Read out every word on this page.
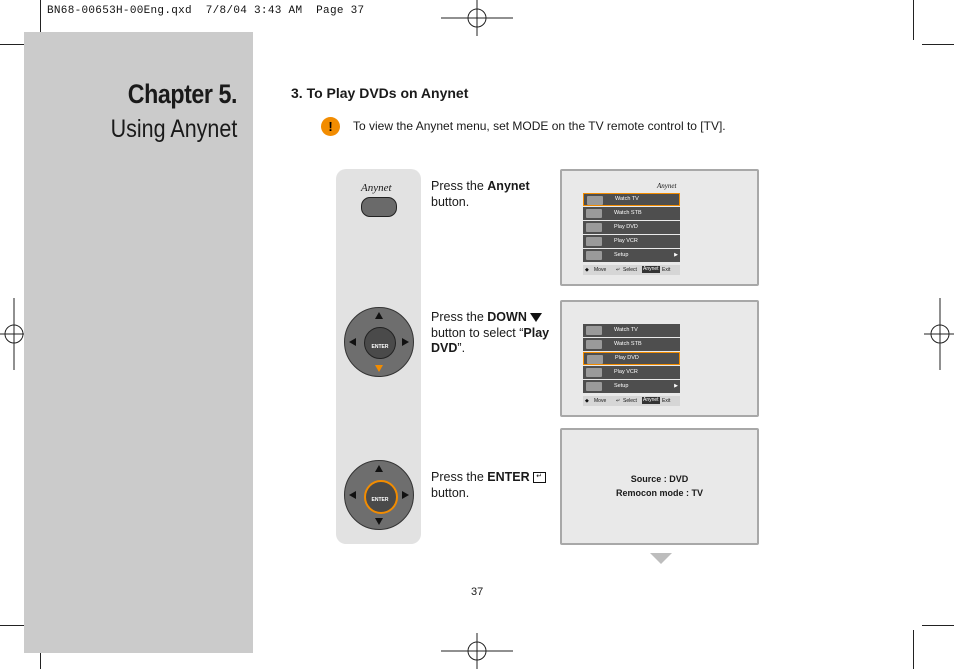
BN68-00653H-00Eng.qxd  7/8/04 3:43 AM  Page 37
Chapter 5.
Using Anynet
3. To Play DVDs on Anynet
!	To view the Anynet menu, set MODE on the TV remote control to [TV].
Anynet
ENTER
ENTER
Press the Anynet button.
Press the DOWN button to select “Play DVD”.
Press the ENTER ↵ button.
Anynet
Watch TV
Watch STB
Play DVD
Play VCR
Setup	▶
◆ Move ↵ Select Anynet Exit
Watch TV
Watch STB
Play DVD
Play VCR
Setup	▶
◆ Move ↵ Select Anynet Exit
Source : DVD
Remocon mode : TV
37
